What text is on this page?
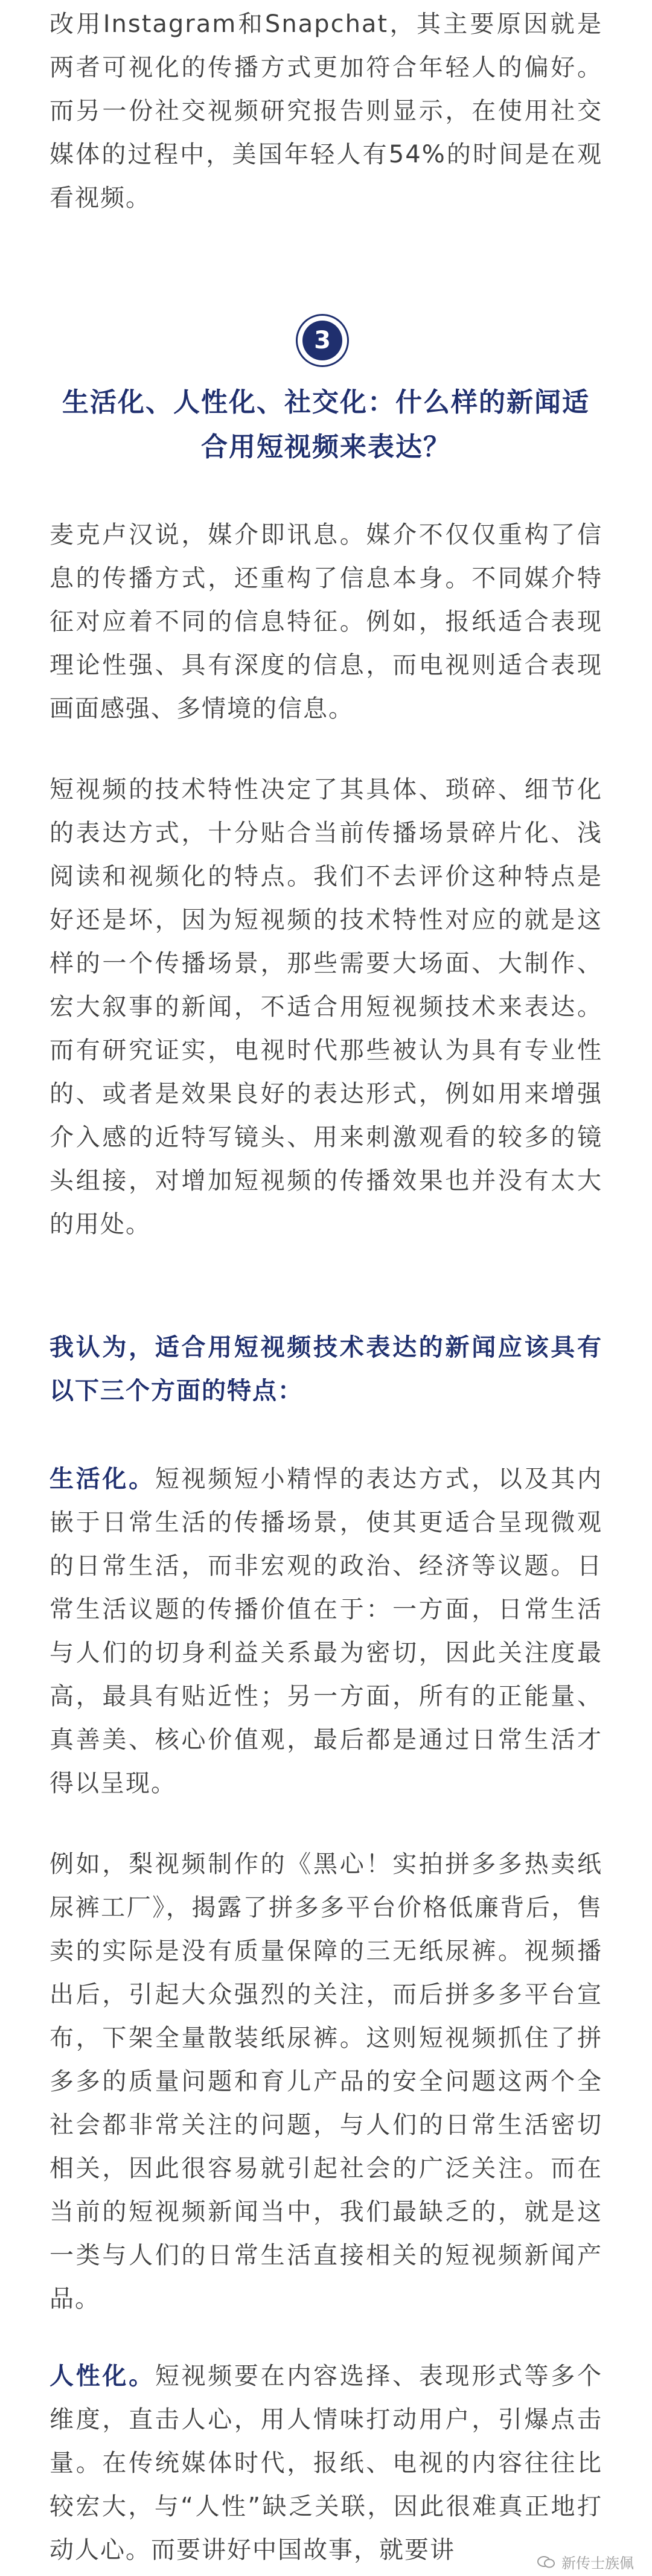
改用Instagram和Snapchat，其主要原因就是两者可视化的传播方式更加符合年轻人的偏好。而另一份社交视频研究报告则显示，在使用社交媒体的过程中，美国年轻人有54%的时间是在观看视频。

3
生活化、人性化、社交化：什么样的新闻适合用短视频来表达？

麦克卢汉说，媒介即讯息。媒介不仅仅重构了信息的传播方式，还重构了信息本身。不同媒介特征对应着不同的信息特征。例如，报纸适合表现理论性强、具有深度的信息，而电视则适合表现画面感强、多情境的信息。

短视频的技术特性决定了其具体、琐碎、细节化的表达方式，十分贴合当前传播场景碎片化、浅阅读和视频化的特点。我们不去评价这种特点是好还是坏，因为短视频的技术特性对应的就是这样的一个传播场景，那些需要大场面、大制作、宏大叙事的新闻，不适合用短视频技术来表达。而有研究证实，电视时代那些被认为具有专业性的、或者是效果良好的表达形式，例如用来增强介入感的近特写镜头、用来刺激观看的较多的镜头组接，对增加短视频的传播效果也并没有太大的用处。

我认为，适合用短视频技术表达的新闻应该具有以下三个方面的特点：

生活化。短视频短小精悍的表达方式，以及其内嵌于日常生活的传播场景，使其更适合呈现微观的日常生活，而非宏观的政治、经济等议题。日常生活议题的传播价值在于：一方面，日常生活与人们的切身利益关系最为密切，因此关注度最高，最具有贴近性；另一方面，所有的正能量、真善美、核心价值观，最后都是通过日常生活才得以呈现。

例如，梨视频制作的《黑心！实拍拼多多热卖纸尿裤工厂》，揭露了拼多多平台价格低廉背后，售卖的实际是没有质量保障的三无纸尿裤。视频播出后，引起大众强烈的关注，而后拼多多平台宣布，下架全量散装纸尿裤。这则短视频抓住了拼多多的质量问题和育儿产品的安全问题这两个全社会都非常关注的问题，与人们的日常生活密切相关，因此很容易就引起社会的广泛关注。而在当前的短视频新闻当中，我们最缺乏的，就是这一类与人们的日常生活直接相关的短视频新闻产品。

人性化。短视频要在内容选择、表现形式等多个维度，直击人心，用人情味打动用户，引爆点击量。在传统媒体时代，报纸、电视的内容往往比较宏大，与“人性”缺乏关联，因此很难真正地打动人心。而要讲好中国故事，就要讲	新传士族佩
